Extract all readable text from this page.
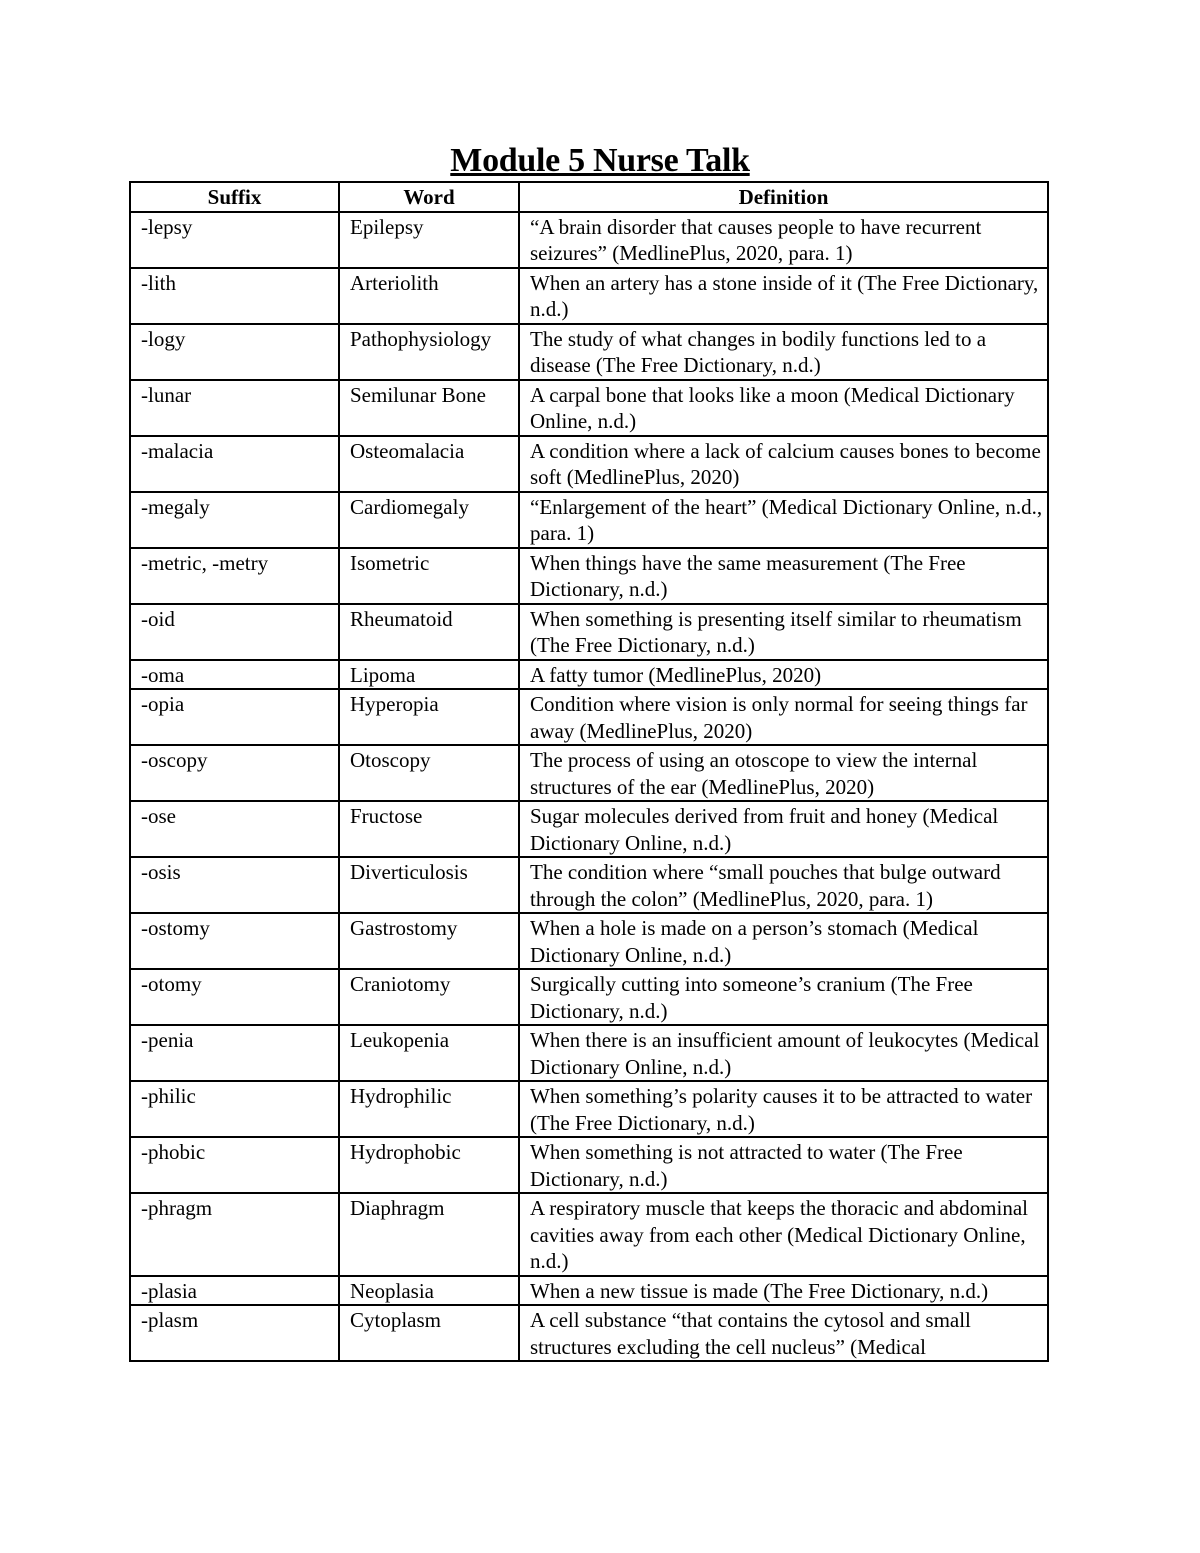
Module 5 Nurse Talk
Suffix	Word	Definition
-lepsy	Epilepsy	“A brain disorder that causes people to have recurrent seizures” (MedlinePlus, 2020, para. 1)
-lith	Arteriolith	When an artery has a stone inside of it (The Free Dictionary, n.d.)
-logy	Pathophysiology	The study of what changes in bodily functions led to a disease (The Free Dictionary, n.d.)
-lunar	Semilunar Bone	A carpal bone that looks like a moon (Medical Dictionary Online, n.d.)
-malacia	Osteomalacia	A condition where a lack of calcium causes bones to become soft (MedlinePlus, 2020)
-megaly	Cardiomegaly	“Enlargement of the heart” (Medical Dictionary Online, n.d., para. 1)
-metric, -metry	Isometric	When things have the same measurement (The Free Dictionary, n.d.)
-oid	Rheumatoid	When something is presenting itself similar to rheumatism (The Free Dictionary, n.d.)
-oma	Lipoma	A fatty tumor (MedlinePlus, 2020)
-opia	Hyperopia	Condition where vision is only normal for seeing things far away (MedlinePlus, 2020)
-oscopy	Otoscopy	The process of using an otoscope to view the internal structures of the ear (MedlinePlus, 2020)
-ose	Fructose	Sugar molecules derived from fruit and honey (Medical Dictionary Online, n.d.)
-osis	Diverticulosis	The condition where “small pouches that bulge outward through the colon” (MedlinePlus, 2020, para. 1)
-ostomy	Gastrostomy	When a hole is made on a person’s stomach (Medical Dictionary Online, n.d.)
-otomy	Craniotomy	Surgically cutting into someone’s cranium (The Free Dictionary, n.d.)
-penia	Leukopenia	When there is an insufficient amount of leukocytes (Medical Dictionary Online, n.d.)
-philic	Hydrophilic	When something’s polarity causes it to be attracted to water (The Free Dictionary, n.d.)
-phobic	Hydrophobic	When something is not attracted to water (The Free Dictionary, n.d.)
-phragm	Diaphragm	A respiratory muscle that keeps the thoracic and abdominal cavities away from each other (Medical Dictionary Online, n.d.)
-plasia	Neoplasia	When a new tissue is made (The Free Dictionary, n.d.)
-plasm	Cytoplasm	A cell substance “that contains the cytosol and small structures excluding the cell nucleus” (Medical
